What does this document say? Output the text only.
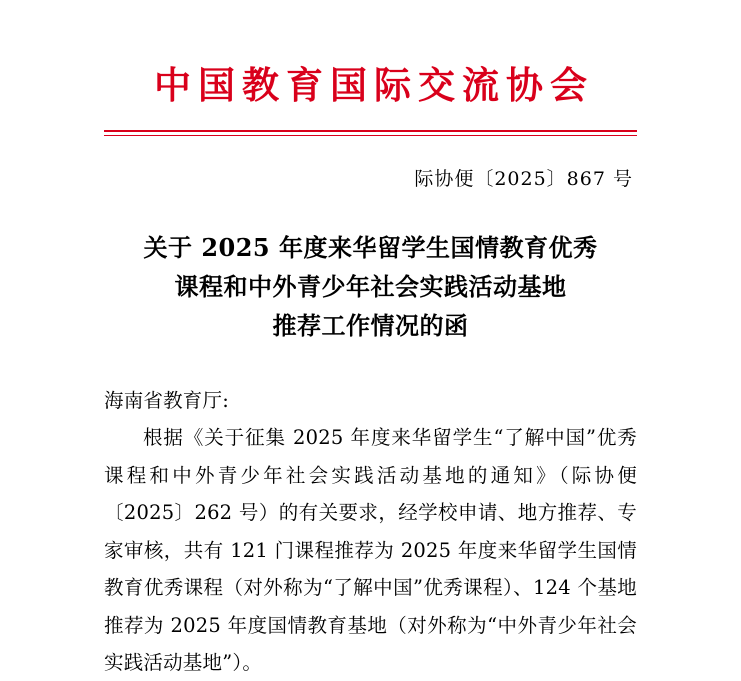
中国教育国际交流协会
际协便〔2025〕867 号
关于 2025 年度来华留学生国情教育优秀
课程和中外青少年社会实践活动基地
推荐工作情况的函

海南省教育厅:

根据《关于征集 2025 年度来华留学生“了解中国”优秀课程和中外青少年社会实践活动基地的通知》（际协便〔2025〕262 号）的有关要求，经学校申请、地方推荐、专家审核，共有 121 门课程推荐为 2025 年度来华留学生国情教育优秀课程（对外称为“了解中国”优秀课程）、124 个基地推荐为 2025 年度国情教育基地（对外称为“中外青少年社会实践活动基地”）。
